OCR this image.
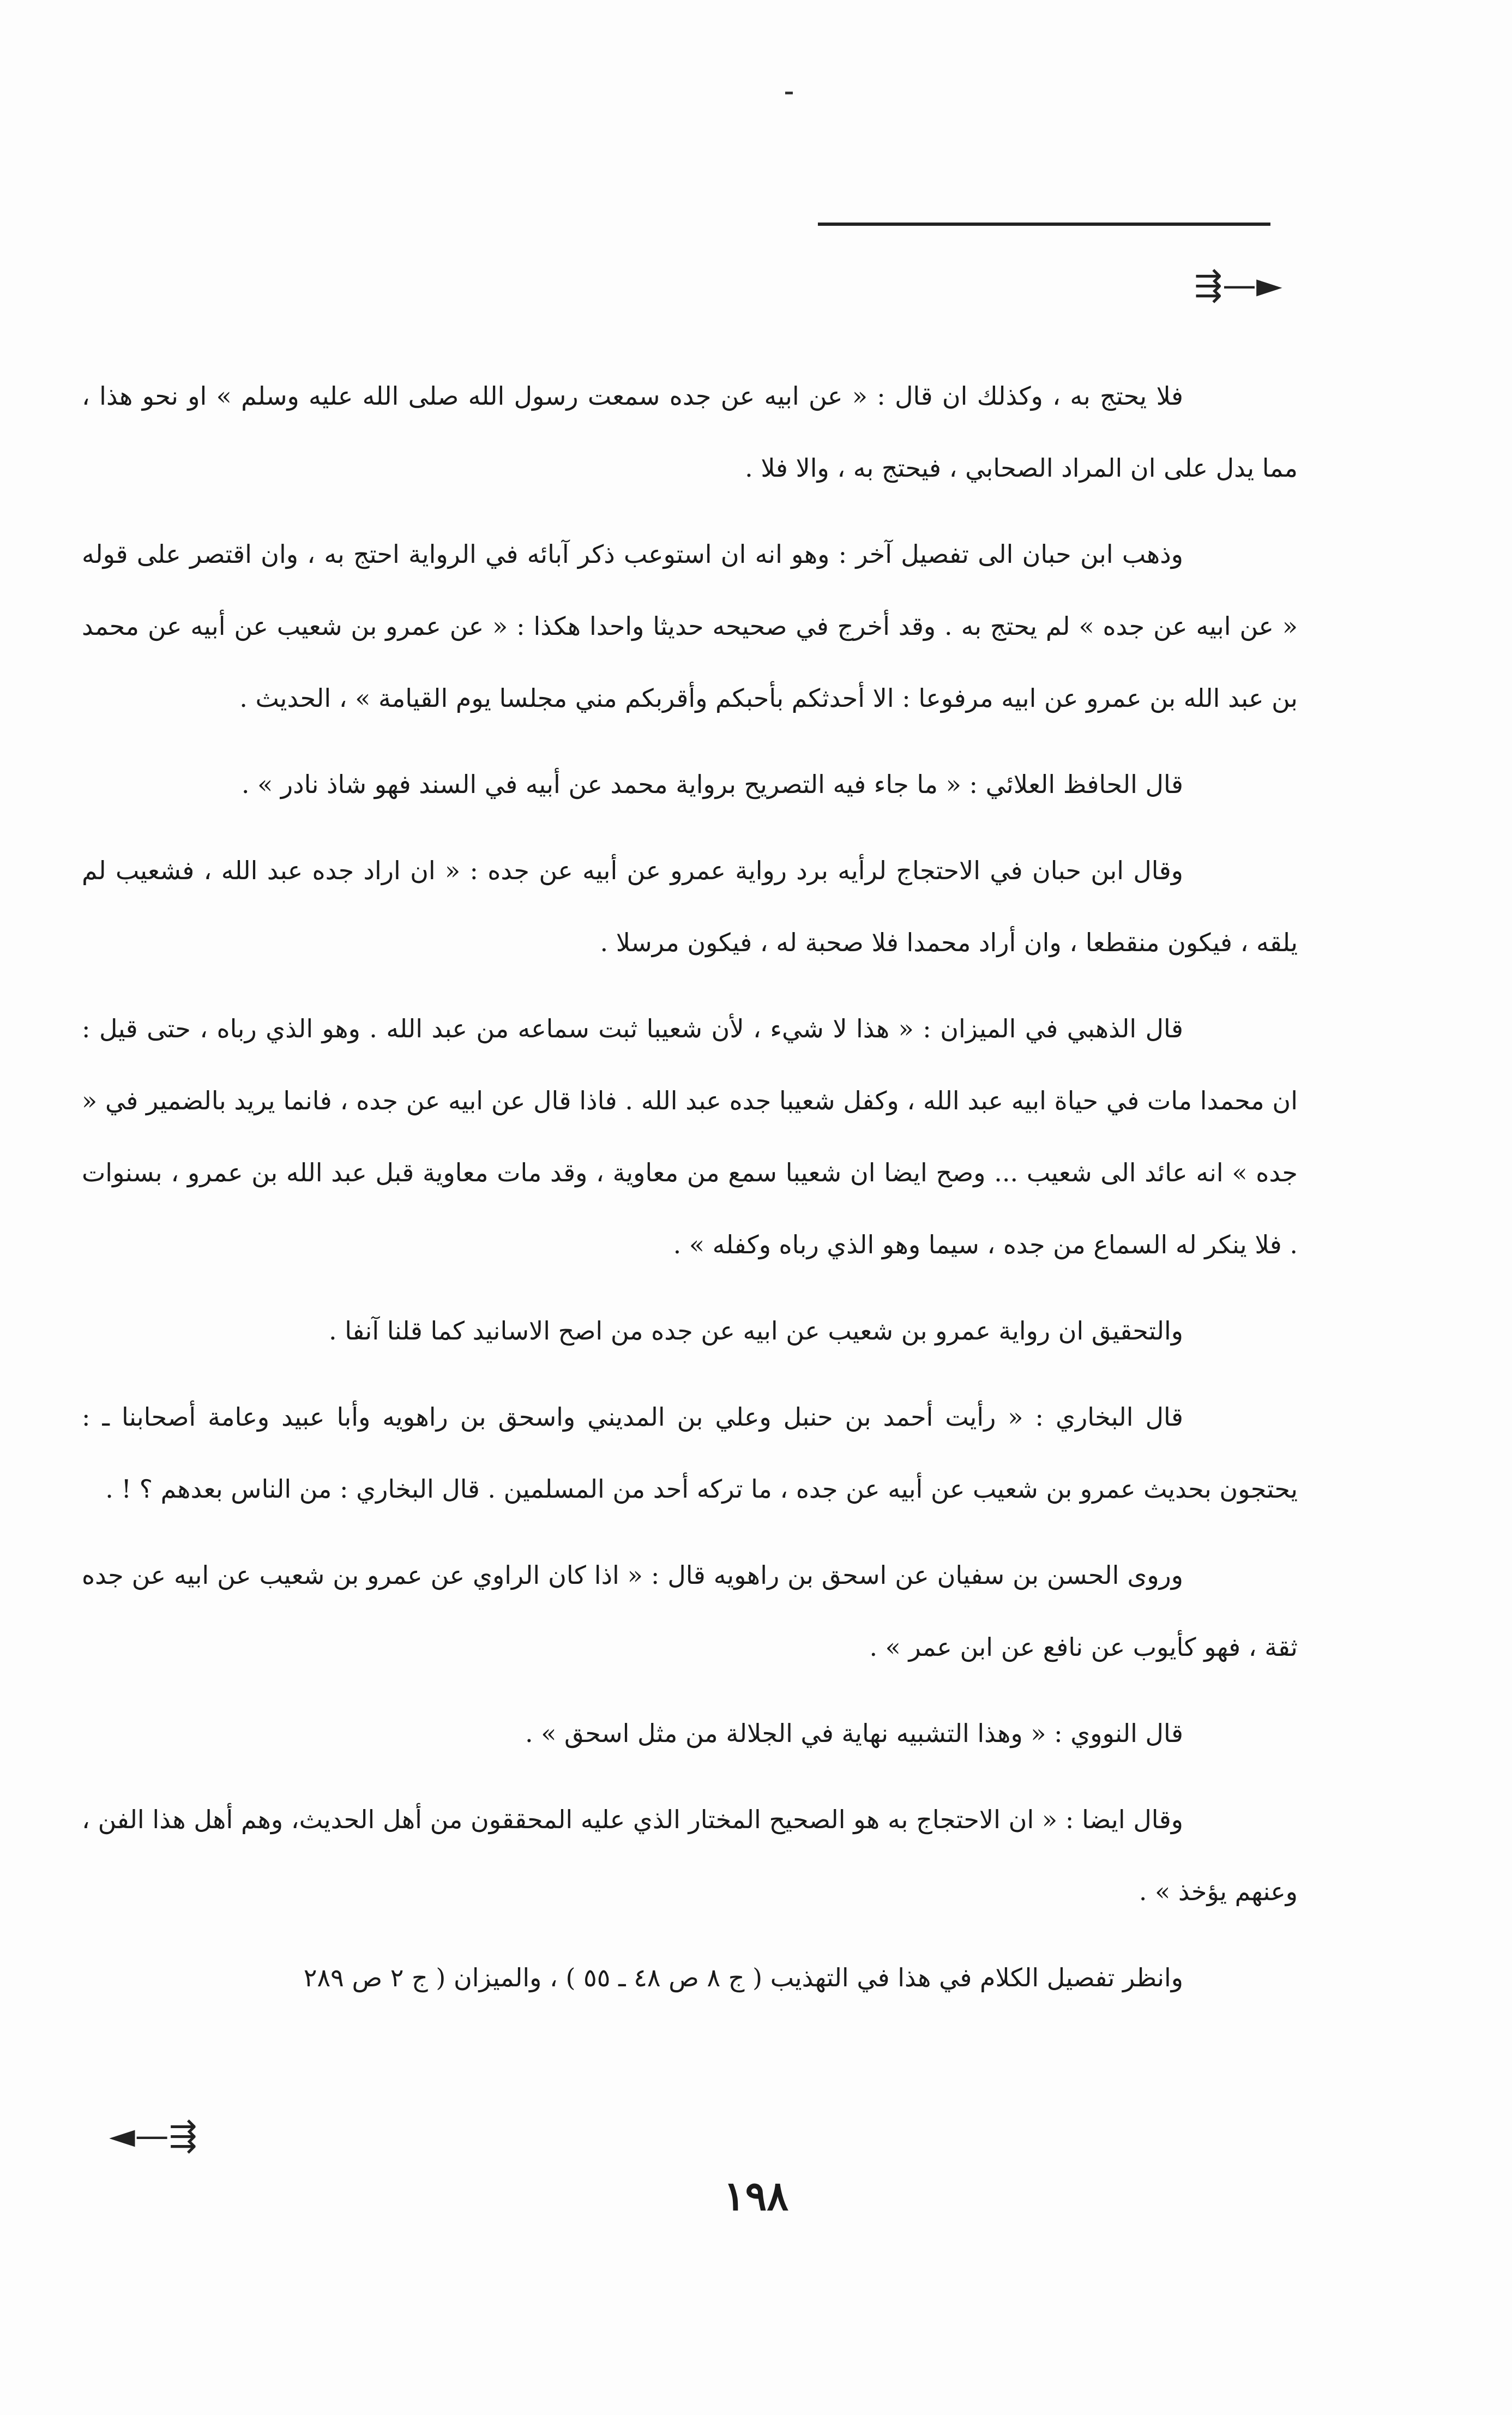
⇶—►

فلا يحتج به ، وكذلك ان قال : « عن ابيه عن جده سمعت رسول الله صلى الله عليه وسلم » او نحو هذا ، مما يدل على ان المراد الصحابي ، فيحتج به ، والا فلا .

وذهب ابن حبان الى تفصيل آخر : وهو انه ان استوعب ذكر آبائه في الرواية احتج به ، وان اقتصر على قوله « عن ابيه عن جده » لم يحتج به . وقد أخرج في صحيحه حديثا واحدا هكذا : « عن عمرو بن شعيب عن أبيه عن محمد بن عبد الله بن عمرو عن ابيه مرفوعا : الا أحدثكم بأحبكم وأقربكم مني مجلسا يوم القيامة » ، الحديث .

قال الحافظ العلائي : « ما جاء فيه التصريح برواية محمد عن أبيه في السند فهو شاذ نادر » .

وقال ابن حبان في الاحتجاج لرأيه برد رواية عمرو عن أبيه عن جده : « ان اراد جده عبد الله ، فشعيب لم يلقه ، فيكون منقطعا ، وان أراد محمدا فلا صحبة له ، فيكون مرسلا .

قال الذهبي في الميزان : « هذا لا شيء ، لأن شعيبا ثبت سماعه من عبد الله . وهو الذي رباه ، حتى قيل : ان محمدا مات في حياة ابيه عبد الله ، وكفل شعيبا جده عبد الله . فاذا قال عن ابيه عن جده ، فانما يريد بالضمير في « جده » انه عائد الى شعيب ... وصح ايضا ان شعيبا سمع من معاوية ، وقد مات معاوية قبل عبد الله بن عمرو ، بسنوات . فلا ينكر له السماع من جده ، سيما وهو الذي رباه وكفله » .

والتحقيق ان رواية عمرو بن شعيب عن ابيه عن جده من اصح الاسانيد كما قلنا آنفا .

قال البخاري : « رأيت أحمد بن حنبل وعلي بن المديني واسحق بن راهويه وأبا عبيد وعامة أصحابنا ـ : يحتجون بحديث عمرو بن شعيب عن أبيه عن جده ، ما تركه أحد من المسلمين . قال البخاري : من الناس بعدهم ؟ ! .

وروى الحسن بن سفيان عن اسحق بن راهويه قال : « اذا كان الراوي عن عمرو بن شعيب عن ابيه عن جده ثقة ، فهو كأيوب عن نافع عن ابن عمر » .

قال النووي : « وهذا التشبيه نهاية في الجلالة من مثل اسحق » .

وقال ايضا : « ان الاحتجاج به هو الصحيح المختار الذي عليه المحققون من أهل الحديث، وهم أهل هذا الفن ، وعنهم يؤخذ » .

وانظر تفصيل الكلام في هذا في التهذيب ( ج ٨ ص ٤٨ ـ ٥٥ ) ، والميزان ( ج ٢ ص ٢٨٩

◄—⇶
١٩٨
